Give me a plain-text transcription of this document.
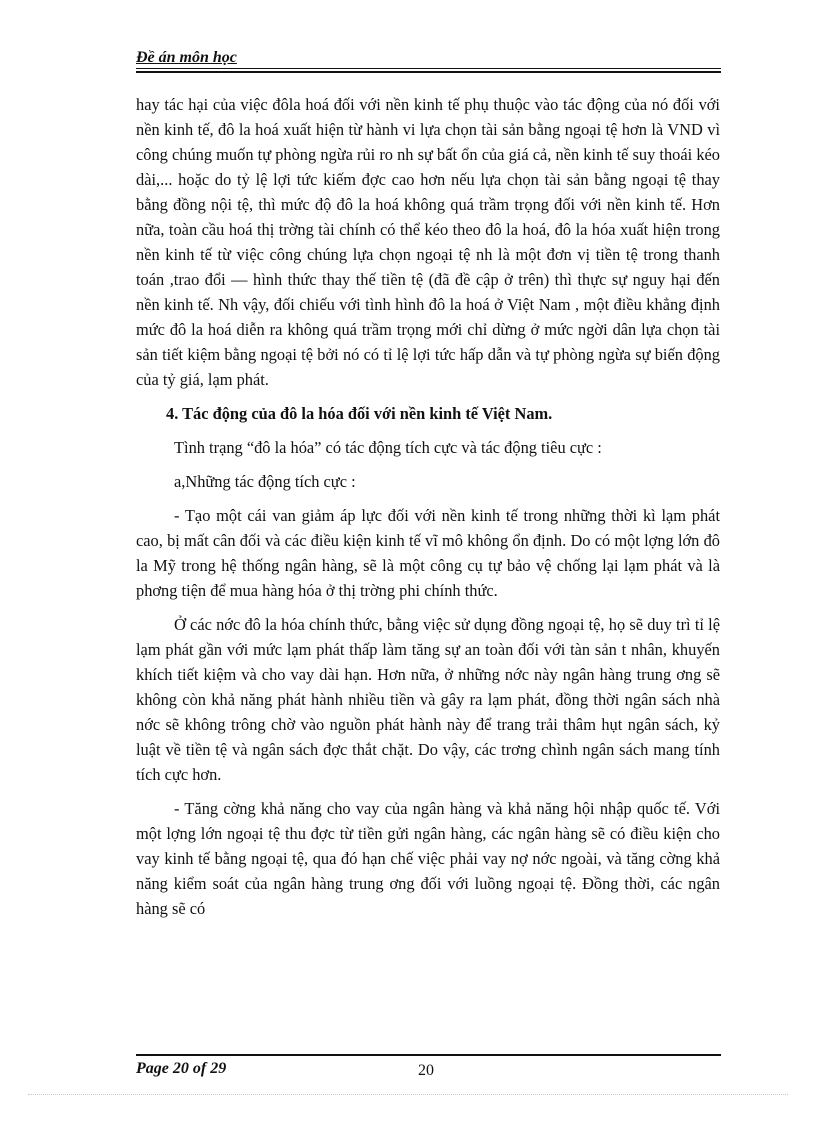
Đề án môn học

hay tác hại của việc đôla hoá đối với nền kinh tế phụ thuộc vào tác động của nó đối với nền kinh tế, đô la hoá xuất hiện từ hành vi lựa chọn tài sản bằng ngoại tệ hơn là VND vì công chúng muốn tự phòng ngừa rủi ro nh sự bất ổn của giá cả, nền kinh tế suy thoái kéo dài,... hoặc do tỷ lệ lợi tức kiếm đợc cao hơn nếu lựa chọn tài sản bằng ngoại tệ thay bằng đồng nội tệ, thì mức độ đô la hoá không quá trầm trọng đối với nền kinh tế. Hơn nữa, toàn cầu hoá thị trờng tài chính có thể kéo theo đô la hoá, đô la hóa xuất hiện trong nền kinh tế từ việc công chúng lựa chọn ngoại tệ nh là một đơn vị tiền tệ trong thanh toán ,trao đổi — hình thức thay thế tiền tệ (đã đề cập ở trên) thì thực sự nguy hại đến nền kinh tế. Nh vậy, đối chiếu với tình hình đô la hoá ở Việt Nam , một điều khẳng định mức đô la hoá diễn ra không quá trầm trọng mới chỉ dừng ở mức ngời dân lựa chọn tài sản tiết kiệm bằng ngoại tệ bởi nó có tỉ lệ lợi tức hấp dẫn và tự phòng ngừa sự biến động của tỷ giá, lạm phát.

4. Tác động của đô la hóa đối với nền kinh tế Việt Nam.

Tình trạng “đô la hóa” có tác động tích cực và tác động tiêu cực :

a,Những tác động tích cực :

- Tạo một cái van giảm áp lực đối với nền kinh tế trong những thời kì lạm phát cao, bị mất cân đối và các điều kiện kinh tế vĩ mô không ổn định. Do có một lợng lớn đô la Mỹ trong hệ thống ngân hàng, sẽ là một công cụ tự bảo vệ chống lại lạm phát và là phơng tiện để mua hàng hóa ở thị trờng phi chính thức.

Ở các nớc đô la hóa chính thức, bằng việc sử dụng đồng ngoại tệ, họ sẽ duy trì tỉ lệ lạm phát gần với mức lạm phát thấp làm tăng sự an toàn đối với tàn sản t nhân, khuyến khích tiết kiệm và cho vay dài hạn. Hơn nữa, ở những nớc này ngân hàng trung ơng sẽ không còn khả năng phát hành nhiều tiền và gây ra lạm phát, đồng thời ngân sách nhà nớc sẽ không trông chờ vào nguồn phát hành này để trang trải thâm hụt ngân sách, kỷ luật về tiền tệ và ngân sách đợc thắt chặt. Do vậy, các trơng chình ngân sách mang tính tích cực hơn.

- Tăng cờng khả năng cho vay của ngân hàng và khả năng hội nhập quốc tế. Với một lợng lớn ngoại tệ thu đợc từ tiền gửi ngân hàng, các ngân hàng sẽ có điều kiện cho vay kinh tế bằng ngoại tệ, qua đó hạn chế việc phải vay nợ nớc ngoài, và tăng cờng khả năng kiểm soát của ngân hàng trung ơng đối với luồng ngoại tệ. Đồng thời, các ngân hàng sẽ có

Page 20 of 29	20
